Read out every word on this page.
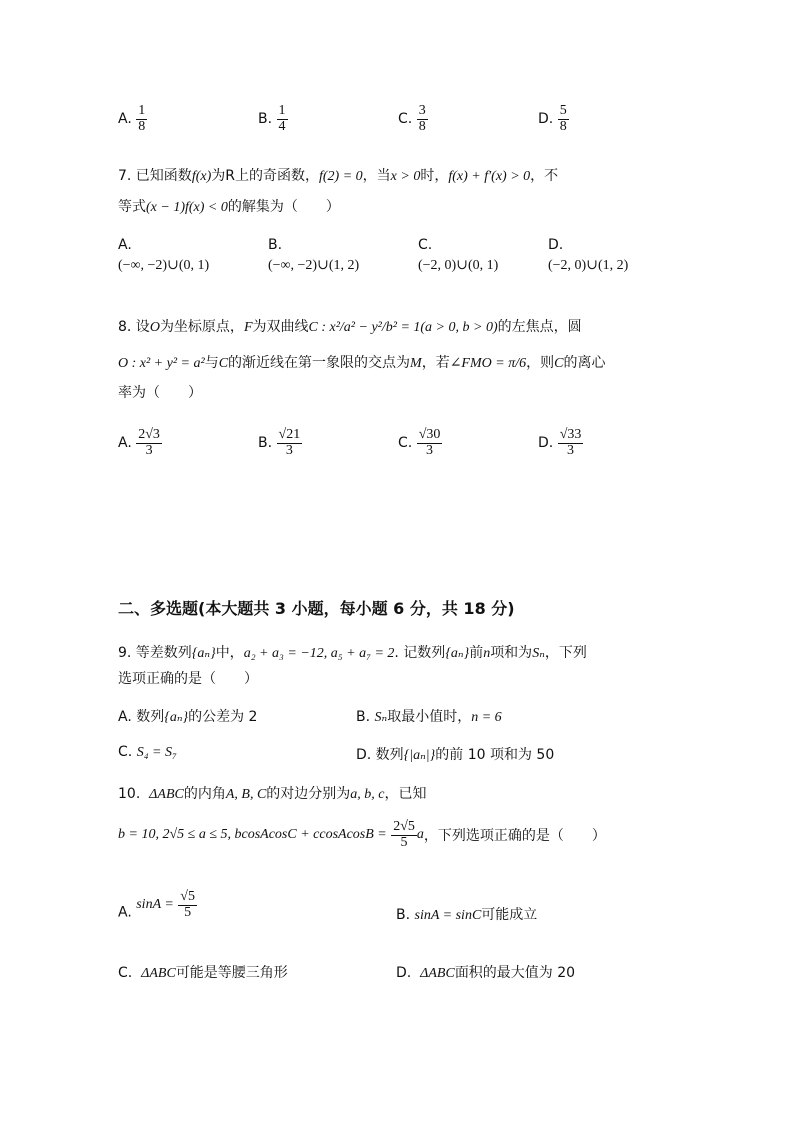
A. $\frac{1}{8}$	B. $\frac{1}{4}$	C. $\frac{3}{8}$	D. $\frac{5}{8}$
7. 已知函数f(x)为R上的奇函数，f(2) = 0，当x > 0时，f(x) + f′(x) > 0，不
等式(x − 1)f(x) < 0的解集为（　　）
A.
(−∞, −2)∪(0, 1)
B.
(−∞, −2)∪(1, 2)
C.
(−2, 0)∪(0, 1)
D.
(−2, 0)∪(1, 2)
8. 设O为坐标原点，F为双曲线C : x²/a² − y²/b² = 1(a > 0, b > 0)的左焦点，圆
O : x² + y² = a²与C的渐近线在第一象限的交点为M，若∠FMO = π/6，则C的离心
率为（　　）
A. $\frac{2√3}{3}$	B. $\frac{√21}{3}$	C. $\frac{√30}{3}$	D. $\frac{√33}{3}$
二、多选题(本大题共 3 小题，每小题 6 分，共 18 分)
9. 等差数列{aₙ}中，a₂ + a₃ = −12, a₅ + a₇ = 2. 记数列{aₙ}前n项和为Sₙ，下列
选项正确的是（　　）
A. 数列{aₙ}的公差为 2	B. Sₙ取最小值时，n = 6
C. S₄ = S₇	D. 数列{|aₙ|}的前 10 项和为 50
10. ΔABC的内角A, B, C的对边分别为a, b, c，已知
b = 10, 2√5 ≤ a ≤ 5, bcosAcosC + ccosAcosB = $\frac{2√5}{5}$ a，下列选项正确的是（　　）
A. $\sin A = \frac{√5}{5}$	B. sinA = sinC可能成立
C. ΔABC可能是等腰三角形	D. ΔABC面积的最大值为 20
